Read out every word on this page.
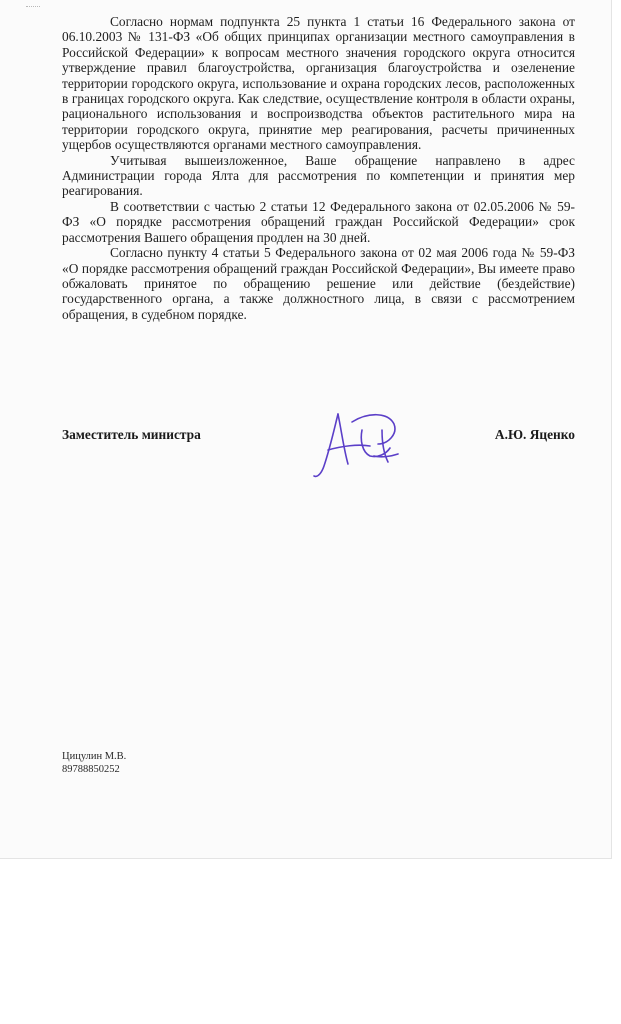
Согласно нормам подпункта 25 пункта 1 статьи 16 Федерального закона от 06.10.2003 № 131-ФЗ «Об общих принципах организации местного самоуправления в Российской Федерации» к вопросам местного значения городского округа относится утверждение правил благоустройства, организация благоустройства и озеленение территории городского округа, использование и охрана городских лесов, расположенных в границах городского округа. Как следствие, осуществление контроля в области охраны, рационального использования и воспроизводства объектов растительного мира на территории городского округа, принятие мер реагирования, расчеты причиненных ущербов осуществляются органами местного самоуправления.

Учитывая вышеизложенное, Ваше обращение направлено в адрес Администрации города Ялта для рассмотрения по компетенции и принятия мер реагирования.

В соответствии с частью 2 статьи 12 Федерального закона от 02.05.2006 № 59-ФЗ «О порядке рассмотрения обращений граждан Российской Федерации» срок рассмотрения Вашего обращения продлен на 30 дней.

Согласно пункту 4 статьи 5 Федерального закона от 02 мая 2006 года № 59-ФЗ «О порядке рассмотрения обращений граждан Российской Федерации», Вы имеете право обжаловать принятое по обращению решение или действие (бездействие) государственного органа, а также должностного лица, в связи с рассмотрением обращения, в судебном порядке.

Заместитель министра	А.Ю. Яценко
Цицулин М.В.
89788850252
